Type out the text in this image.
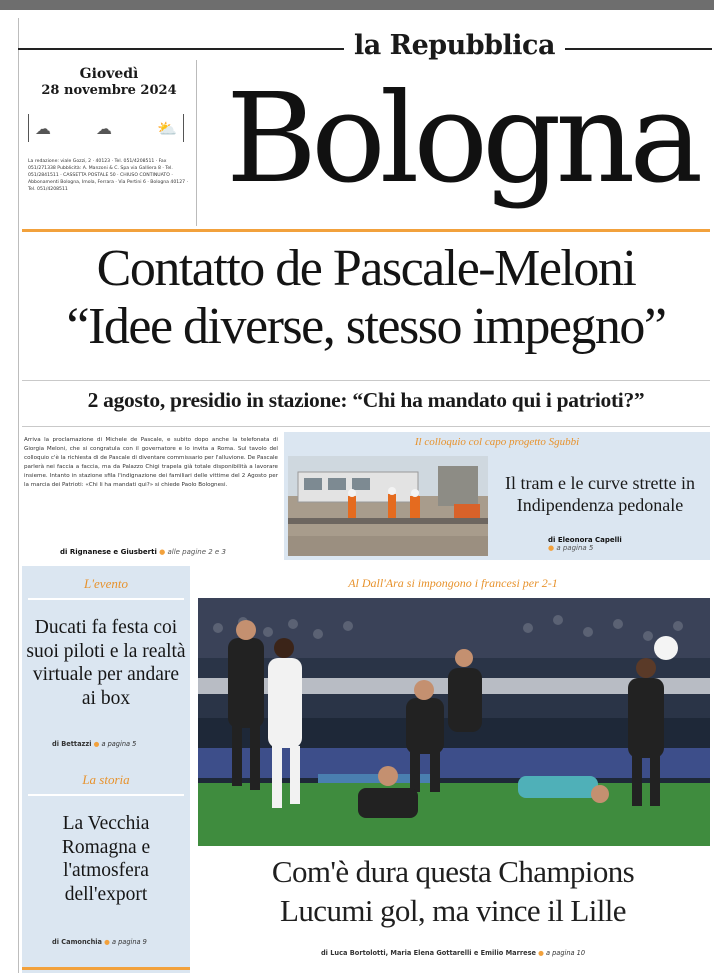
la Repubblica
Giovedì
28 novembre 2024
☁	☁	⛅
La redazione: viale Gozzi, 2 · 40123 · Tel. 051/4208511 · Fax 051/271338 Pubblicità: A. Manzoni & C. Spa via Galliera 8 · Tel. 051/2841511 · CASSETTA POSTALE 50 · CHIUSO CONTINUATO · Abbonamenti Bologna, Imola, Ferrara · Via Pertini 6 · Bologna 40127 · Tel. 051/4208511	Bologna
Contatto de Pascale-Meloni
“Idee diverse, stesso impegno”
2 agosto, presidio in stazione: “Chi ha mandato qui i patrioti?”
Arriva la proclamazione di Michele de Pascale, e subito dopo anche la telefonata di Giorgia Meloni, che si congratula con il governatore e lo invita a Roma. Sul tavolo del colloquio c'è la richiesta di de Pascale di diventare commissario per l'alluvione. De Pascale parlerà nei faccia a faccia, ma da Palazzo Chigi trapela già totale disponibilità a lavorare insieme. Intanto in stazione sfila l'indignazione dei familiari delle vittime del 2 Agosto per la marcia dei Patrioti: «Chi li ha mandati qui?» si chiede Paolo Bolognesi.
di Rignanese e Giusberti ● alle pagine 2 e 3
Il colloquio col capo progetto Sgubbi
Il tram e le curve strette in Indipendenza pedonale
di Eleonora Capelli
● a pagina 5
L'evento
Ducati fa festa coi suoi piloti e la realtà virtuale per andare ai box
di Bettazzi ● a pagina 5
La storia
La Vecchia Romagna e l'atmosfera dell'export
di Camonchia ● a pagina 9
Al Dall'Ara si impongono i francesi per 2-1
Com'è dura questa Champions
Lucumi gol, ma vince il Lille
di Luca Bortolotti, Maria Elena Gottarelli e Emilio Marrese ● a pagina 10
